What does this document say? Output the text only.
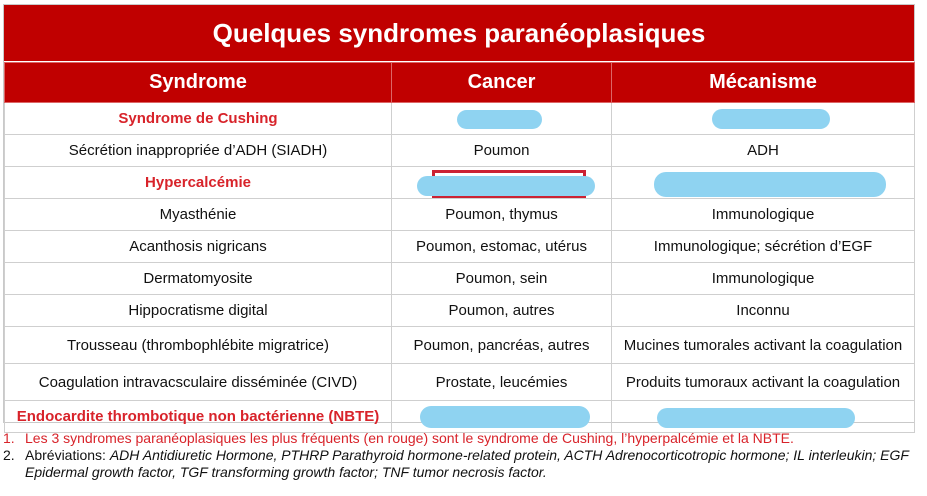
Quelques syndromes paranéoplasiques
Syndrome	Cancer	Mécanisme
Syndrome de Cushing	

Sécrétion inappropriée d’ADH (SIADH)	Poumon	ADH
Hypercalcémie	

Myasthénie	Poumon, thymus	Immunologique
Acanthosis nigricans	Poumon, estomac, utérus	Immunologique; sécrétion d’EGF
Dermatomyosite	Poumon, sein	Immunologique
Hippocratisme digital	Poumon, autres	Inconnu
Trousseau (thrombophlébite migratrice)	Poumon, pancréas, autres	Mucines tumorales activant la coagulation
Coagulation intravacsculaire disséminée (CIVD)	Prostate, leucémies	Produits tumoraux activant la coagulation
Endocardite thrombotique non bactérienne (NBTE)	

1. Les 3 syndromes paranéoplasiques les plus fréquents (en rouge) sont le syndrome de Cushing, l’hyperpalcémie et la NBTE.
2. Abréviations: ADH Antidiuretic Hormone, PTHRP Parathyroid hormone-related protein, ACTH Adrenocorticotropic hormone; IL interleukin; EGF Epidermal growth factor, TGF transforming growth factor; TNF tumor necrosis factor.
